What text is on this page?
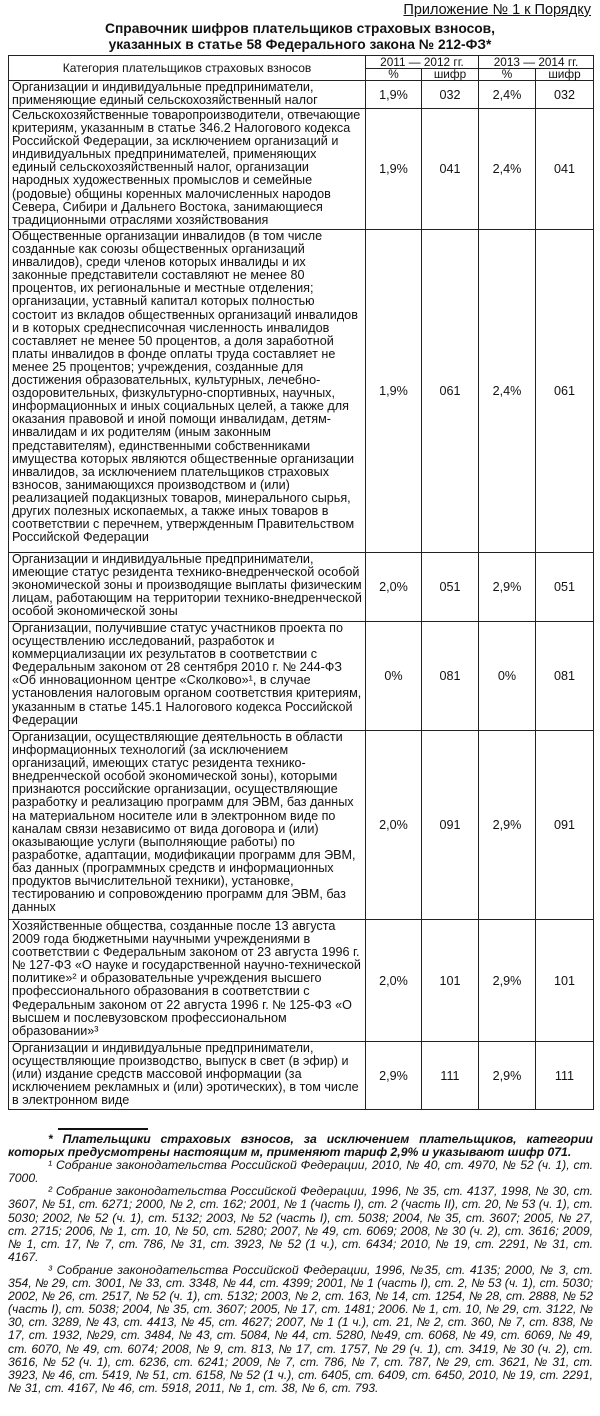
Приложение № 1 к Порядку
Справочник шифров плательщиков страховых взносов,
указанных в статье 58 Федерального закона № 212-ФЗ*
Категория плательщиков страховых взносов	2011 — 2012 гг.		2013 — 2014 гг.	
	%	шифр	%	шифр
Организации и индивидуальные предприниматели, применяющие единый сельскохозяйственный налог	1,9%	032	2,4%	032
Сельскохозяйственные товаропроизводители, отвечающие критериям, указанным в статье 346.2 Налогового кодекса Российской Федерации, за исключением организаций и индивидуальных предпринимателей, применяющих единый сельскохозяйственный налог, организации народных художественных промыслов и семейные (родовые) общины коренных малочисленных народов Севера, Сибири и Дальнего Востока, занимающиеся традиционными отраслями хозяйствования	1,9%	041	2,4%	041
Общественные организации инвалидов (в том числе созданные как союзы общественных организаций инвалидов), среди членов которых инвалиды и их законные представители составляют не менее 80 процентов, их региональные и местные отделения; организации, уставный капитал которых полностью состоит из вкладов общественных организаций инвалидов и в которых среднесписочная численность инвалидов составляет не менее 50 процентов, а доля заработной платы инвалидов в фонде оплаты труда составляет не менее 25 процентов; учреждения, созданные для достижения образовательных, культурных, лечебно-оздоровительных, физкультурно-спортивных, научных, информационных и иных социальных целей, а также для оказания правовой и иной помощи инвалидам, детям-инвалидам и их родителям (иным законным представителям), единственными собственниками имущества которых являются общественные организации инвалидов, за исключением плательщиков страховых взносов, занимающихся производством и (или) реализацией подакцизных товаров, минерального сырья, других полезных ископаемых, а также иных товаров в соответствии с перечнем, утвержденным Правительством Российской Федерации	1,9%	061	2,4%	061
Организации и индивидуальные предприниматели, имеющие статус резидента технико-внедренческой особой экономической зоны и производящие выплаты физическим лицам, работающим на территории технико-внедренческой особой экономической зоны	2,0%	051	2,9%	051
Организации, получившие статус участников проекта по осуществлению исследований, разработок и коммерциализации их результатов в соответствии с Федеральным законом от 28 сентября 2010 г. № 244-ФЗ «Об инновационном центре «Сколково»¹, в случае установления налоговым органом соответствия критериям, указанным в статье 145.1 Налогового кодекса Российской Федерации	0%	081	0%	081
Организации, осуществляющие деятельность в области информационных технологий (за исключением организаций, имеющих статус резидента технико-внедренческой особой экономической зоны), которыми признаются российские организации, осуществляющие разработку и реализацию программ для ЭВМ, баз данных на материальном носителе или в электронном виде по каналам связи независимо от вида договора и (или) оказывающие услуги (выполняющие работы) по разработке, адаптации, модификации программ для ЭВМ, баз данных (программных средств и информационных продуктов вычислительной техники), установке, тестированию и сопровождению программ для ЭВМ, баз данных	2,0%	091	2,9%	091
Хозяйственные общества, созданные после 13 августа 2009 года бюджетными научными учреждениями в соответствии с Федеральным законом от 23 августа 1996 г. № 127-ФЗ «О науке и государственной научно-технической политике»² и образовательные учреждения высшего профессионального образования в соответствии с Федеральным законом от 22 августа 1996 г. № 125-ФЗ «О высшем и послевузовском профессиональном образовании»³	2,0%	101	2,9%	101
Организации и индивидуальные предприниматели, осуществляющие производство, выпуск в свет (в эфир) и (или) издание средств массовой информации (за исключением рекламных и (или) эротических), в том числе в электронном виде	2,9%	111	2,9%	111

* Плательщики страховых взносов, за исключением плательщиков, категории которых предусмотрены настоящим м, применяют тариф 2,9% и указывают шифр 071.

¹ Собрание законодательства Российской Федерации, 2010, № 40, ст. 4970, № 52 (ч. 1), ст. 7000.

² Собрание законодательства Российской Федерации, 1996, № 35, ст. 4137, 1998, № 30, ст. 3607, № 51, ст. 6271; 2000, № 2, ст. 162; 2001, № 1 (часть I), ст. 2 (часть II), ст. 20, № 53 (ч. 1), ст. 5030; 2002, № 52 (ч. 1), ст. 5132; 2003, № 52 (часть I), ст. 5038; 2004, № 35, ст. 3607; 2005, № 27, ст. 2715; 2006, № 1, ст. 10, № 50, ст. 5280; 2007, № 49, ст. 6069; 2008, № 30 (ч. 2), ст. 3616; 2009, № 1, ст. 17, № 7, ст. 786, № 31, ст. 3923, № 52 (1 ч.), ст. 6434; 2010, № 19, ст. 2291, № 31, ст. 4167.

³ Собрание законодательства Российской Федерации, 1996, №35, ст. 4135; 2000, № 3, ст. 354, № 29, ст. 3001, № 33, ст. 3348, № 44, ст. 4399; 2001, № 1 (часть I), ст. 2, № 53 (ч. 1), ст. 5030; 2002, № 26, ст. 2517, № 52 (ч. 1), ст. 5132; 2003, № 2, ст. 163, № 14, ст. 1254, № 28, ст. 2888, № 52 (часть I), ст. 5038; 2004, № 35, ст. 3607; 2005, № 17, ст. 1481; 2006. № 1, ст. 10, № 29, ст. 3122, № 30, ст. 3289, № 43, ст. 4413, № 45, ст. 4627; 2007, № 1 (1 ч.), ст. 21, № 2, ст. 360, № 7, ст. 838, № 17, ст. 1932, №29, ст. 3484, № 43, ст. 5084, № 44, ст. 5280, №49, ст. 6068, № 49, ст. 6069, № 49, ст. 6070, № 49, ст. 6074; 2008, № 9, ст. 813, № 17, ст. 1757, № 29 (ч. 1), ст. 3419, № 30 (ч. 2), ст. 3616, № 52 (ч. 1), ст. 6236, ст. 6241; 2009, № 7, ст. 786, № 7, ст. 787, № 29, ст. 3621, № 31, ст. 3923, № 46, ст. 5419, № 51, ст. 6158, № 52 (1 ч.), ст. 6405, ст. 6409, ст. 6450, 2010, № 19, ст. 2291, № 31, ст. 4167, № 46, ст. 5918, 2011, № 1, ст. 38, № 6, ст. 793.
